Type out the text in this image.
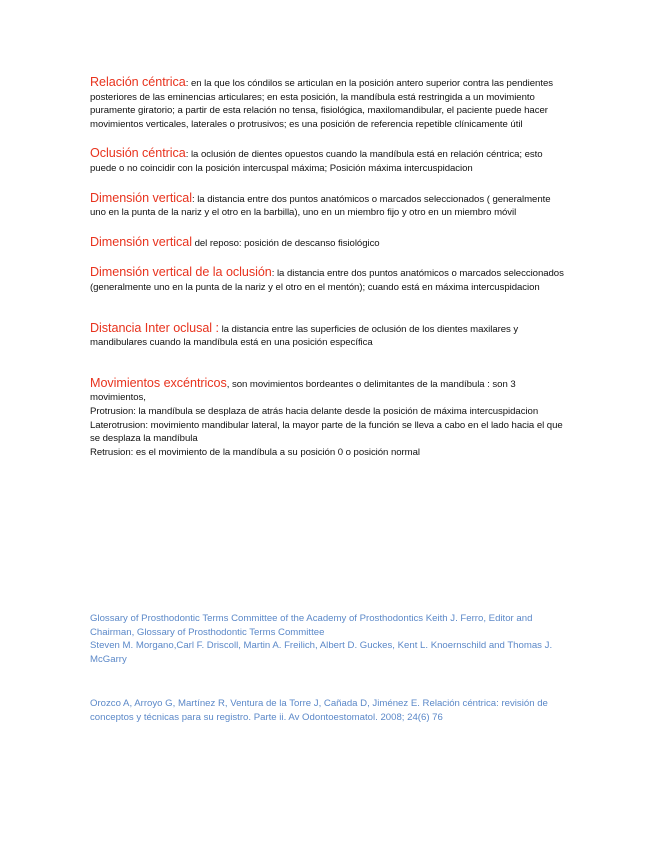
Relación céntrica: en la que los cóndilos se articulan en la posición antero superior contra las pendientes posteriores de las eminencias articulares; en esta posición, la mandíbula está restringida a un movimiento puramente giratorio; a partir de esta relación no tensa, fisiológica, maxilomandibular, el paciente puede hacer movimientos verticales, laterales o protrusivos; es una posición de referencia repetible clínicamente útil

Oclusión céntrica: la oclusión de dientes opuestos cuando la mandíbula está en relación céntrica; esto puede o no coincidir con la posición intercuspal máxima; Posición máxima intercuspidacion

Dimensión vertical: la distancia entre dos puntos anatómicos o marcados seleccionados ( generalmente uno en la punta de la nariz y el otro en la barbilla), uno en un miembro fijo y otro en un miembro móvil

Dimensión vertical del reposo: posición de descanso fisiológico

Dimensión vertical de la oclusión: la distancia entre dos puntos anatómicos o marcados seleccionados (generalmente uno en la punta de la nariz y el otro en el mentón); cuando está en máxima intercuspidacion

Distancia Inter oclusal : la distancia entre las superficies de oclusión de los dientes maxilares y mandibulares cuando la mandíbula está en una posición específica

Movimientos excéntricos, son movimientos bordeantes o delimitantes de la mandíbula : son 3 movimientos,
Protrusion: la mandíbula se desplaza de atrás hacia delante desde la posición de máxima intercuspidacion
Laterotrusion: movimiento mandibular lateral, la mayor parte de la función se lleva a cabo en el lado hacia el que se desplaza la mandíbula
Retrusion: es el movimiento de la mandíbula a su posición 0 o posición normal
Glossary of Prosthodontic Terms Committee of the Academy of Prosthodontics Keith J. Ferro, Editor and Chairman, Glossary of Prosthodontic Terms Committee
Steven M. Morgano,Carl F. Driscoll, Martin A. Freilich, Albert D. Guckes, Kent L. Knoernschild and Thomas J. McGarry
Orozco A, Arroyo G, Martínez R, Ventura de la Torre J, Cañada D, Jiménez E. Relación céntrica: revisión de conceptos y técnicas para su registro. Parte ii. Av Odontoestomatol. 2008; 24(6) 76
